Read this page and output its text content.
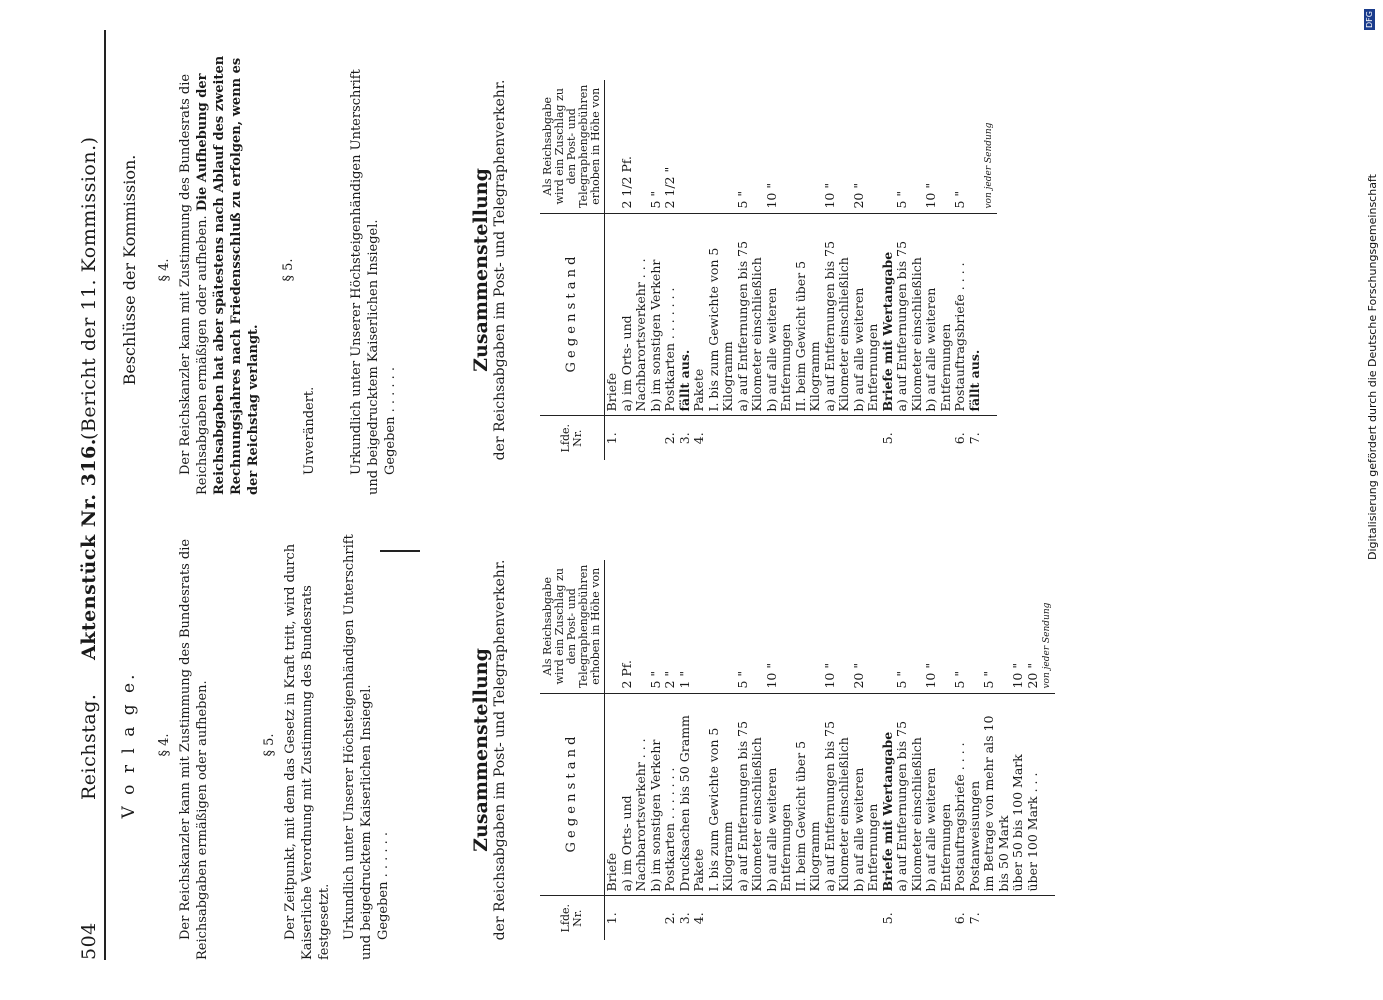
504
Reichstag.
Aktenstück Nr. 316.
(Bericht der 11. Kommission.)
V o r l a g e. § 4. Der Reichskanzler kann mit Zustimmung des Bundesrats die Reichsabgaben ermäßigen oder aufheben.	§ 5. Der Zeitpunkt, mit dem das Gesetz in Kraft tritt, wird durch Kaiserliche Verordnung mit Zustimmung des Bundesrats festgesetzt. Urkundlich unter Unserer Höchsteigenhändigen Unterschrift und beigedrucktem Kaiserlichen Insiegel. Gegeben . . . . . .
Beschlüsse der Kommission. § 4. Der Reichskanzler kann mit Zustimmung des Bundesrats die Reichsabgaben ermäßigen oder aufheben. Die Aufhebung der Reichsabgaben hat aber spätestens nach Ablauf des zweiten Rechnungsjahres nach Friedensschluß zu erfolgen, wenn es der Reichstag verlangt.
§ 5.
Unverändert. Urkundlich unter Unserer Höchsteigenhändigen Unterschrift und beigedrucktem Kaiserlichen Insiegel. Gegeben . . . . . .
Zusammenstellung der Reichsabgaben im Post- und Telegraphenverkehr.	Lfde. Nr.	G e g e n s t a n d	Als Reichsabgabe wird ein Zuschlag zu den Post- und Telegraphengebühren erhoben in Höhe von
1.	Briefe	
	a) im Orts- und Nachbarortsverkehr . . .	2 Pf.
	b) im sonstigen Verkehr	5 "
2.	Postkarten . . . . . . .	2 "
3.	Drucksachen bis 50 Gramm	1 "
4.	Pakete	
	I. bis zum Gewichte von 5 Kilogramm	
	a) auf Entfernungen bis 75 Kilometer einschließlich	5 "
	b) auf alle weiteren Entfernungen	10 "
	II. beim Gewicht über 5 Kilogramm	
	a) auf Entfernungen bis 75 Kilometer einschließlich	10 "
	b) auf alle weiteren Entfernungen	20 "
5.	Briefe mit Wertangabe	
	a) auf Entfernungen bis 75 Kilometer einschließlich	5 "
	b) auf alle weiteren Entfernungen	10 "
6.	Postauftragsbriefe . . . .	5 "
7.	Postanweisungen	
	im Betrage von mehr als 10 bis 50 Mark	5 "
	über 50 bis 100 Mark	10 "
	über 100 Mark . . .	20 "
		von jeder Sendung
Zusammenstellung der Reichsabgaben im Post- und Telegraphenverkehr.	Lfde. Nr.	G e g e n s t a n d	Als Reichsabgabe wird ein Zuschlag zu den Post- und Telegraphengebühren erhoben in Höhe von
1.	Briefe	
	a) im Orts- und Nachbarortsverkehr . . .	2 1/2 Pf.
	b) im sonstigen Verkehr	5 "
2.	Postkarten . . . . . . .	2 1/2 "
3.	fällt aus.	
4.	Pakete	
	I. bis zum Gewichte von 5 Kilogramm	
	a) auf Entfernungen bis 75 Kilometer einschließlich	5 "
	b) auf alle weiteren Entfernungen	10 "
	II. beim Gewicht über 5 Kilogramm	
	a) auf Entfernungen bis 75 Kilometer einschließlich	10 "
	b) auf alle weiteren Entfernungen	20 "
5.	Briefe mit Wertangabe	
	a) auf Entfernungen bis 75 Kilometer einschließlich	5 "
	b) auf alle weiteren Entfernungen	10 "
6.	Postauftragsbriefe . . . .	5 "
7.	fällt aus.	
		von jeder Sendung
Digitalisierung gefördert durch die Deutsche Forschungsgemeinschaft
DFG
